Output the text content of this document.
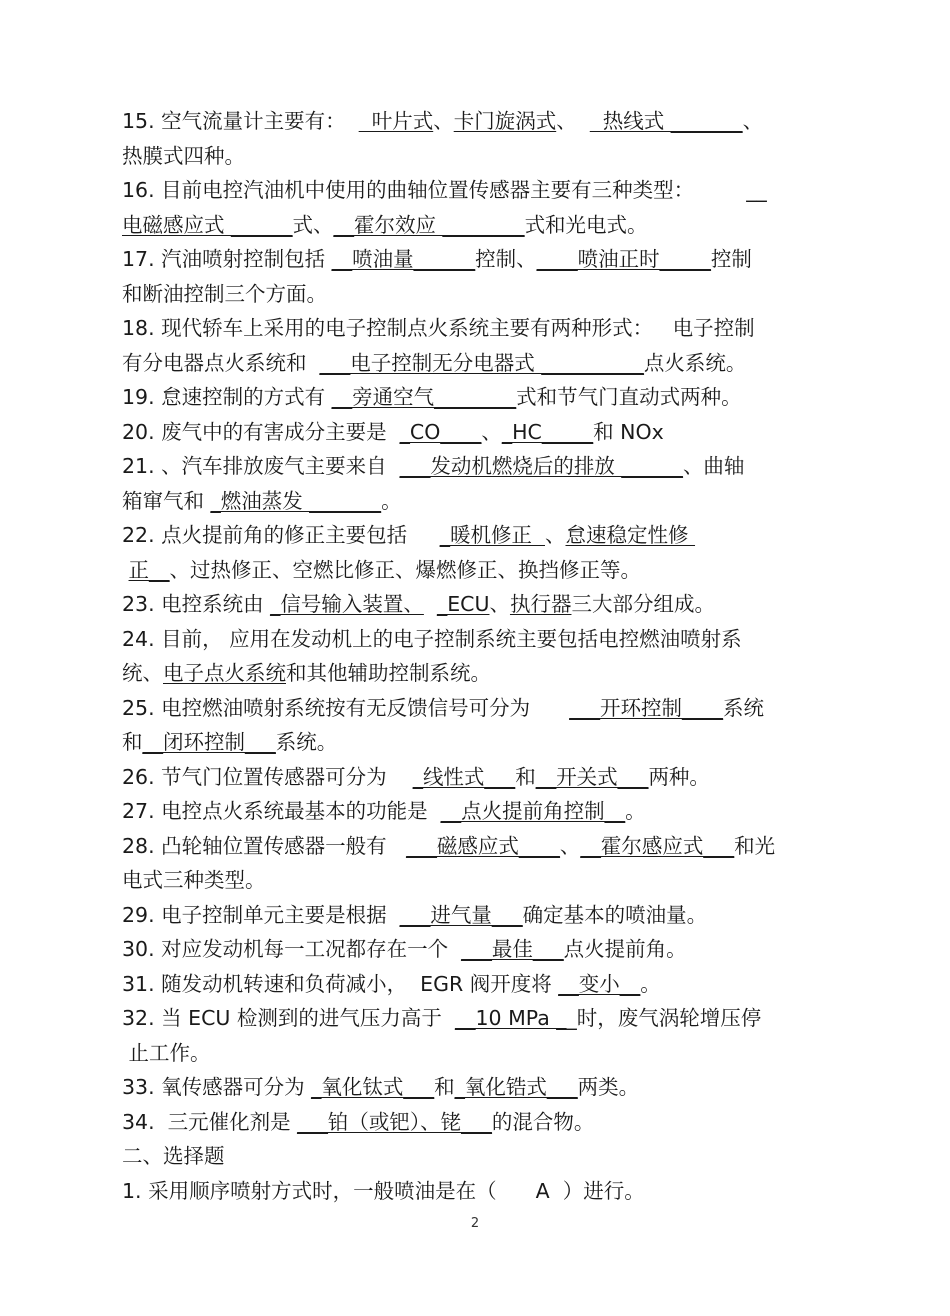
15. 空气流量计主要有：    叶片式、卡门旋涡式、    热线式 _______、
热膜式四种。
16. 目前电控汽油机中使用的曲轴位置传感器主要有三种类型：        __
电磁感应式 ______式、__霍尔效应 ________式和光电式。
17. 汽油喷射控制包括 __喷油量______控制、____喷油正时_____控制
和断油控制三个方面。
18. 现代轿车上采用的电子控制点火系统主要有两种形式：   电子控制
有分电器点火系统和  ___电子控制无分电器式 __________点火系统。
19. 怠速控制的方式有 __旁通空气________式和节气门直动式两种。
20. 废气中的有害成分主要是  _CO____、_HC_____和 NOx
21. 、汽车排放废气主要来自  ___发动机燃烧后的排放 ______、曲轴
箱窜气和 _燃油蒸发 _______。
22. 点火提前角的修正主要包括     _暖机修正  、怠速稳定性修
正__、过热修正、空燃比修正、爆燃修正、换挡修正等。
23. 电控系统由 _信号输入装置、 _ECU、执行器三大部分组成。
24. 目前， 应用在发动机上的电子控制系统主要包括电控燃油喷射系
统、电子点火系统和其他辅助控制系统。
25. 电控燃油喷射系统按有无反馈信号可分为      ___开环控制____系统
和__闭环控制___系统。
26. 节气门位置传感器可分为    _线性式___和__开关式___两种。
27. 电控点火系统最基本的功能是  __点火提前角控制__。
28. 凸轮轴位置传感器一般有   ___磁感应式____、__霍尔感应式___和光
电式三种类型。
29. 电子控制单元主要是根据  ___进气量___确定基本的喷油量。
30. 对应发动机每一工况都存在一个  ___最佳___点火提前角。
31. 随发动机转速和负荷减小，  EGR 阀开度将 __变小__。
32. 当 ECU 检测到的进气压力高于  __10 MPa __时，废气涡轮增压停
止工作。
33. 氧传感器可分为 _氧化钛式___和_氧化锆式___两类。
34.  三元催化剂是 ___铂（或钯）、铑___的混合物。
二、选择题
1. 采用顺序喷射方式时，一般喷油是在（      A  ）进行。
2
